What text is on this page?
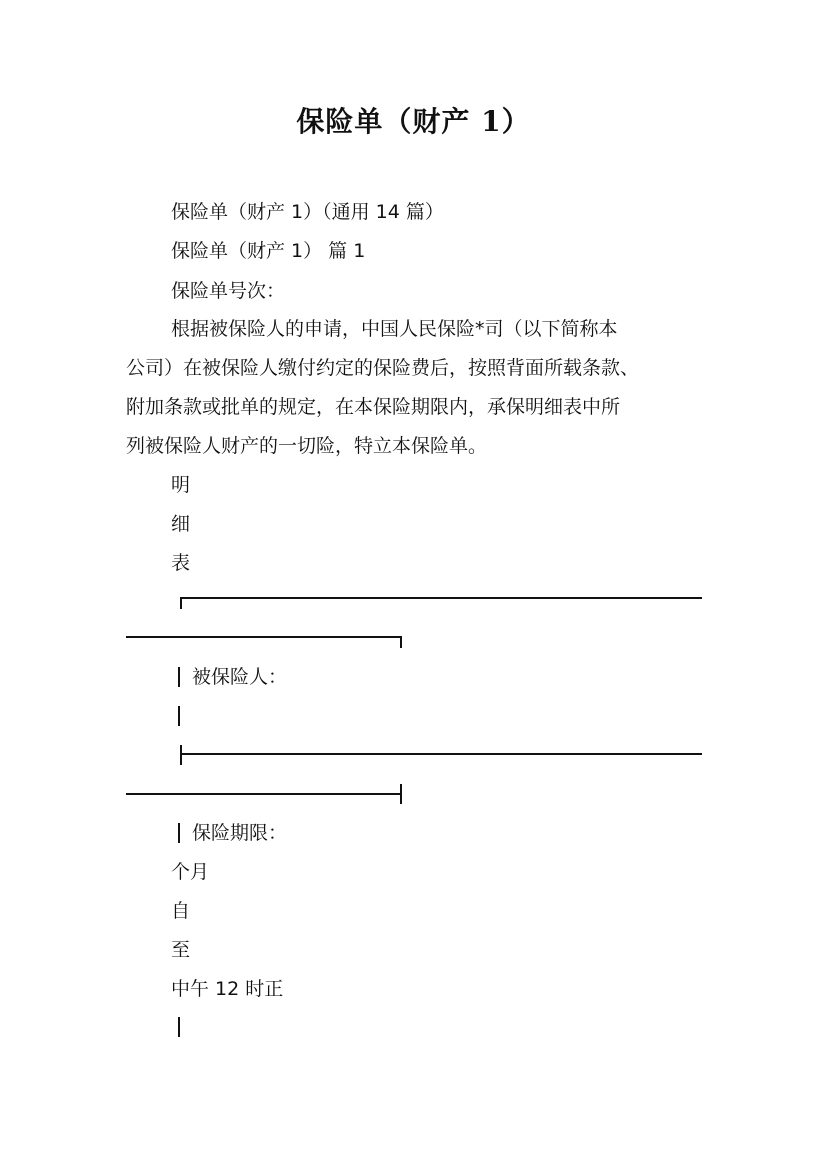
保险单（财产 1）
保险单（财产 1）（通用 14 篇）
保险单（财产 1） 篇 1
保险单号次：
根据被保险人的申请，中国人民保险*司（以下简称本
公司）在被保险人缴付约定的保险费后，按照背面所载条款、
附加条款或批单的规定，在本保险期限内，承保明细表中所
列被保险人财产的一切险，特立本保险单。
明
细
表
被保险人：
保险期限：
个月
自
至
中午 12 时正
